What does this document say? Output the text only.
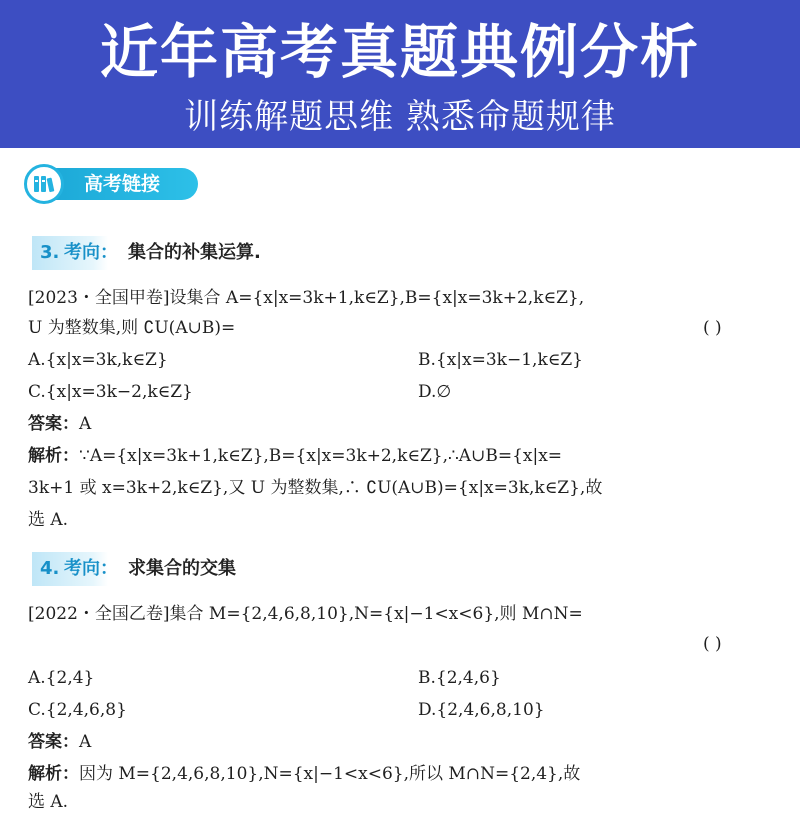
近年高考真题典例分析
训练解题思维 熟悉命题规律
高考链接
3. 考向： 集合的补集运算.
[2023・全国甲卷]设集合 A={x|x=3k+1,k∈Z},B={x|x=3k+2,k∈Z},
U 为整数集,则 ∁U(A∪B)=	( )
A.{x|x=3k,k∈Z}	B.{x|x=3k−1,k∈Z}
C.{x|x=3k−2,k∈Z}	D.∅
答案：A
解析：∵A={x|x=3k+1,k∈Z},B={x|x=3k+2,k∈Z},∴A∪B={x|x=
3k+1 或 x=3k+2,k∈Z},又 U 为整数集,∴ ∁U(A∪B)={x|x=3k,k∈Z},故
选 A.
4. 考向： 求集合的交集
[2022・全国乙卷]集合 M={2,4,6,8,10},N={x|−1<x<6},则 M∩N=
( )
A.{2,4}	B.{2,4,6}
C.{2,4,6,8}	D.{2,4,6,8,10}
答案：A
解析：因为 M={2,4,6,8,10},N={x|−1<x<6},所以 M∩N={2,4},故
选 A.
